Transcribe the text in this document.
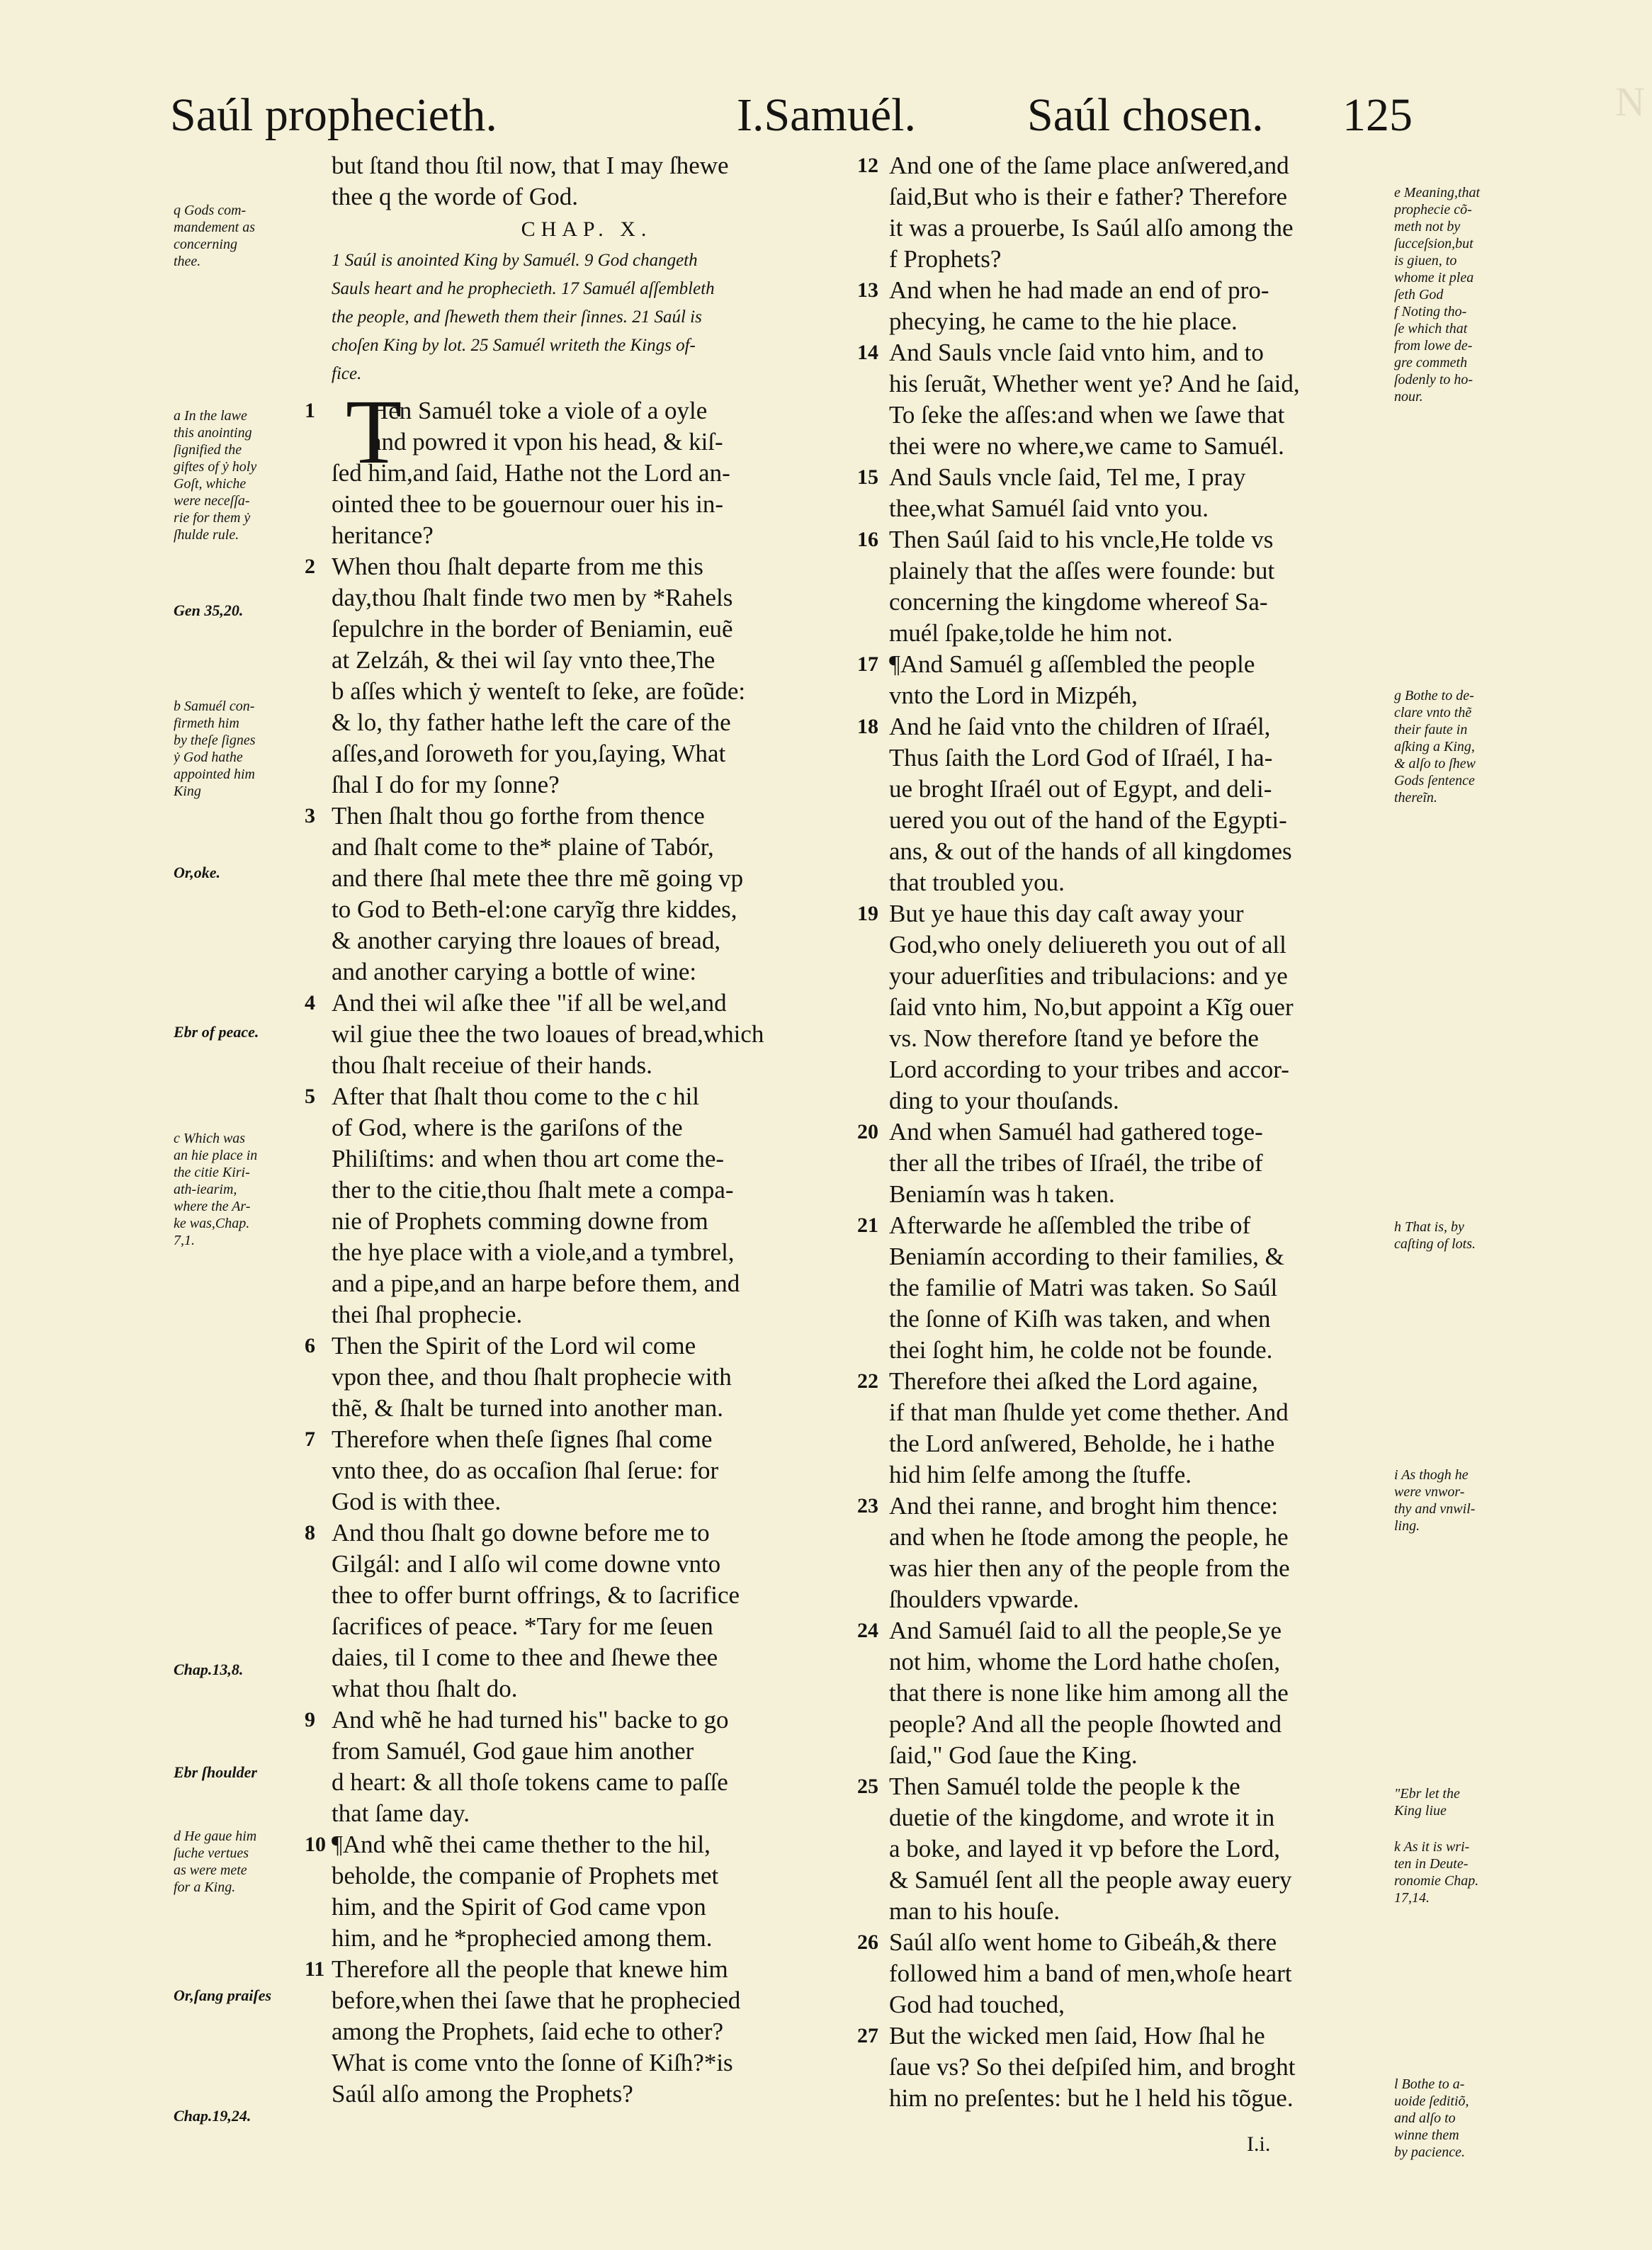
Saúl prophecieth.	I.Samuél. Saúl chosen. 125	N
but ſtand thou ſtil now, that I may ſhewe
thee q the worde of God.
CHAP. X.
1 Saúl is anointed King by Samuél. 9 God changeth
Sauls heart and he prophecieth. 17 Samuél aſſembleth
the people, and ſheweth them their ſinnes. 21 Saúl is
choſen King by lot. 25 Samuél writeth the Kings of-
fice.
Hen Samuél toke a viole of a oyle
and powred it vpon his head, & kiſ-
ſed him,and ſaid, Hathe not the Lord an-
ointed thee to be gouernour ouer his in-
heritance?
When thou ſhalt departe from me this
day,thou ſhalt finde two men by *Rahels
ſepulchre in the border of Beniamin, euẽ
at Zelzáh, & thei wil ſay vnto thee,The
b aſſes which ẏ wenteſt to ſeke, are foũde:
& lo, thy father hathe left the care of the
aſſes,and ſoroweth for you,ſaying, What
ſhal I do for my ſonne?
Then ſhalt thou go forthe from thence
and ſhalt come to the* plaine of Tabór,
and there ſhal mete thee thre mẽ going vp
to God to Beth-el:one caryĩg thre kiddes,
& another carying thre loaues of bread,
and another carying a bottle of wine:
And thei wil aſke thee "if all be wel,and
wil giue thee the two loaues of bread,which
thou ſhalt receiue of their hands.
After that ſhalt thou come to the c hil
of God, where is the gariſons of the
Philiſtims: and when thou art come the-
ther to the citie,thou ſhalt mete a compa-
nie of Prophets comming downe from
the hye place with a viole,and a tymbrel,
and a pipe,and an harpe before them, and
thei ſhal prophecie.
Then the Spirit of the Lord wil come
vpon thee, and thou ſhalt prophecie with
thẽ, & ſhalt be turned into another man.
Therefore when theſe ſignes ſhal come
vnto thee, do as occaſion ſhal ſerue: for
God is with thee.
And thou ſhalt go downe before me to
Gilgál: and I alſo wil come downe vnto
thee to offer burnt offrings, & to ſacrifice
ſacrifices of peace. *Tary for me ſeuen
daies, til I come to thee and ſhewe thee
what thou ſhalt do.
And whẽ he had turned his" backe to go
from Samuél, God gaue him another
d heart: & all thoſe tokens came to paſſe
that ſame day.
¶And whẽ thei came thether to the hil,
beholde, the companie of Prophets met
him, and the Spirit of God came vpon
him, and he *prophecied among them.
Therefore all the people that knewe him
before,when thei ſawe that he prophecied
among the Prophets, ſaid eche to other?
What is come vnto the ſonne of Kiſh?*is
Saúl alſo among the Prophets?
q Gods com-
mandement as
concerning
thee.
a In the lawe
this anointing
ſignified the
giftes of ẏ holy
Goſt, whiche
were neceſſa-
rie for them ẏ
ſhulde rule.
Gen 35,20.
b Samuél con-
firmeth him
by theſe ſignes
ẏ God hathe
appointed him
King
Or,oke.
Ebr of peace.
c Which was
an hie place in
the citie Kiri-
ath-iearim,
where the Ar-
ke was,Chap.
7,1.
Chap.13,8.
Ebr ſhoulder
d He gaue him
ſuche vertues
as were mete
for a King.
Or,ſang praiſes
Chap.19,24.
1
2
3
4
5
6
7
8
9
10
11
T
And one of the ſame place anſwered,and
ſaid,But who is their e father? Therefore
it was a prouerbe, Is Saúl alſo among the
f Prophets?
And when he had made an end of pro-
phecying, he came to the hie place.
And Sauls vncle ſaid vnto him, and to
his ſeruãt, Whether went ye? And he ſaid,
To ſeke the aſſes:and when we ſawe that
thei were no where,we came to Samuél.
And Sauls vncle ſaid, Tel me, I pray
thee,what Samuél ſaid vnto you.
Then Saúl ſaid to his vncle,He tolde vs
plainely that the aſſes were founde: but
concerning the kingdome whereof Sa-
muél ſpake,tolde he him not.
¶And Samuél g aſſembled the people
vnto the Lord in Mizpéh,
And he ſaid vnto the children of Iſraél,
Thus ſaith the Lord God of Iſraél, I ha-
ue broght Iſraél out of Egypt, and deli-
uered you out of the hand of the Egypti-
ans, & out of the hands of all kingdomes
that troubled you.
But ye haue this day caſt away your
God,who onely deliuereth you out of all
your aduerſities and tribulacions: and ye
ſaid vnto him, No,but appoint a Kĩg ouer
vs. Now therefore ſtand ye before the
Lord according to your tribes and accor-
ding to your thouſands.
And when Samuél had gathered toge-
ther all the tribes of Iſraél, the tribe of
Beniamín was h taken.
Afterwarde he aſſembled the tribe of
Beniamín according to their families, &
the familie of Matri was taken. So Saúl
the ſonne of Kiſh was taken, and when
thei ſoght him, he colde not be founde.
Therefore thei aſked the Lord againe,
if that man ſhulde yet come thether. And
the Lord anſwered, Beholde, he i hathe
hid him ſelfe among the ſtuffe.
And thei ranne, and broght him thence:
and when he ſtode among the people, he
was hier then any of the people from the
ſhoulders vpwarde.
And Samuél ſaid to all the people,Se ye
not him, whome the Lord hathe choſen,
that there is none like him among all the
people? And all the people ſhowted and
ſaid," God ſaue the King.
Then Samuél tolde the people k the
duetie of the kingdome, and wrote it in
a boke, and layed it vp before the Lord,
& Samuél ſent all the people away euery
man to his houſe.
Saúl alſo went home to Gibeáh,& there
followed him a band of men,whoſe heart
God had touched,
But the wicked men ſaid, How ſhal he
ſaue vs? So thei deſpiſed him, and broght
him no preſentes: but he l held his tõgue.
e Meaning,that
prophecie cõ-
meth not by
ſucceſsion,but
is giuen, to
whome it plea
ſeth God
f Noting tho-
ſe which that
from lowe de-
gre commeth
ſodenly to ho-
nour.
g Bothe to de-
clare vnto thẽ
their faute in
aſking a King,
& alſo to ſhew
Gods ſentence
thereĩn.
h That is, by
caſting of lots.
i As thogh he
were vnwor-
thy and vnwil-
ling.
"Ebr let the
King liue
k As it is wri-
ten in Deute-
ronomie Chap.
17,14.
l Bothe to a-
uoide ſeditiõ,
and alſo to
winne them
by pacience.
12
13
14
15
16
17
18
19
20
21
22
23
24
25
26
27
I.i.
